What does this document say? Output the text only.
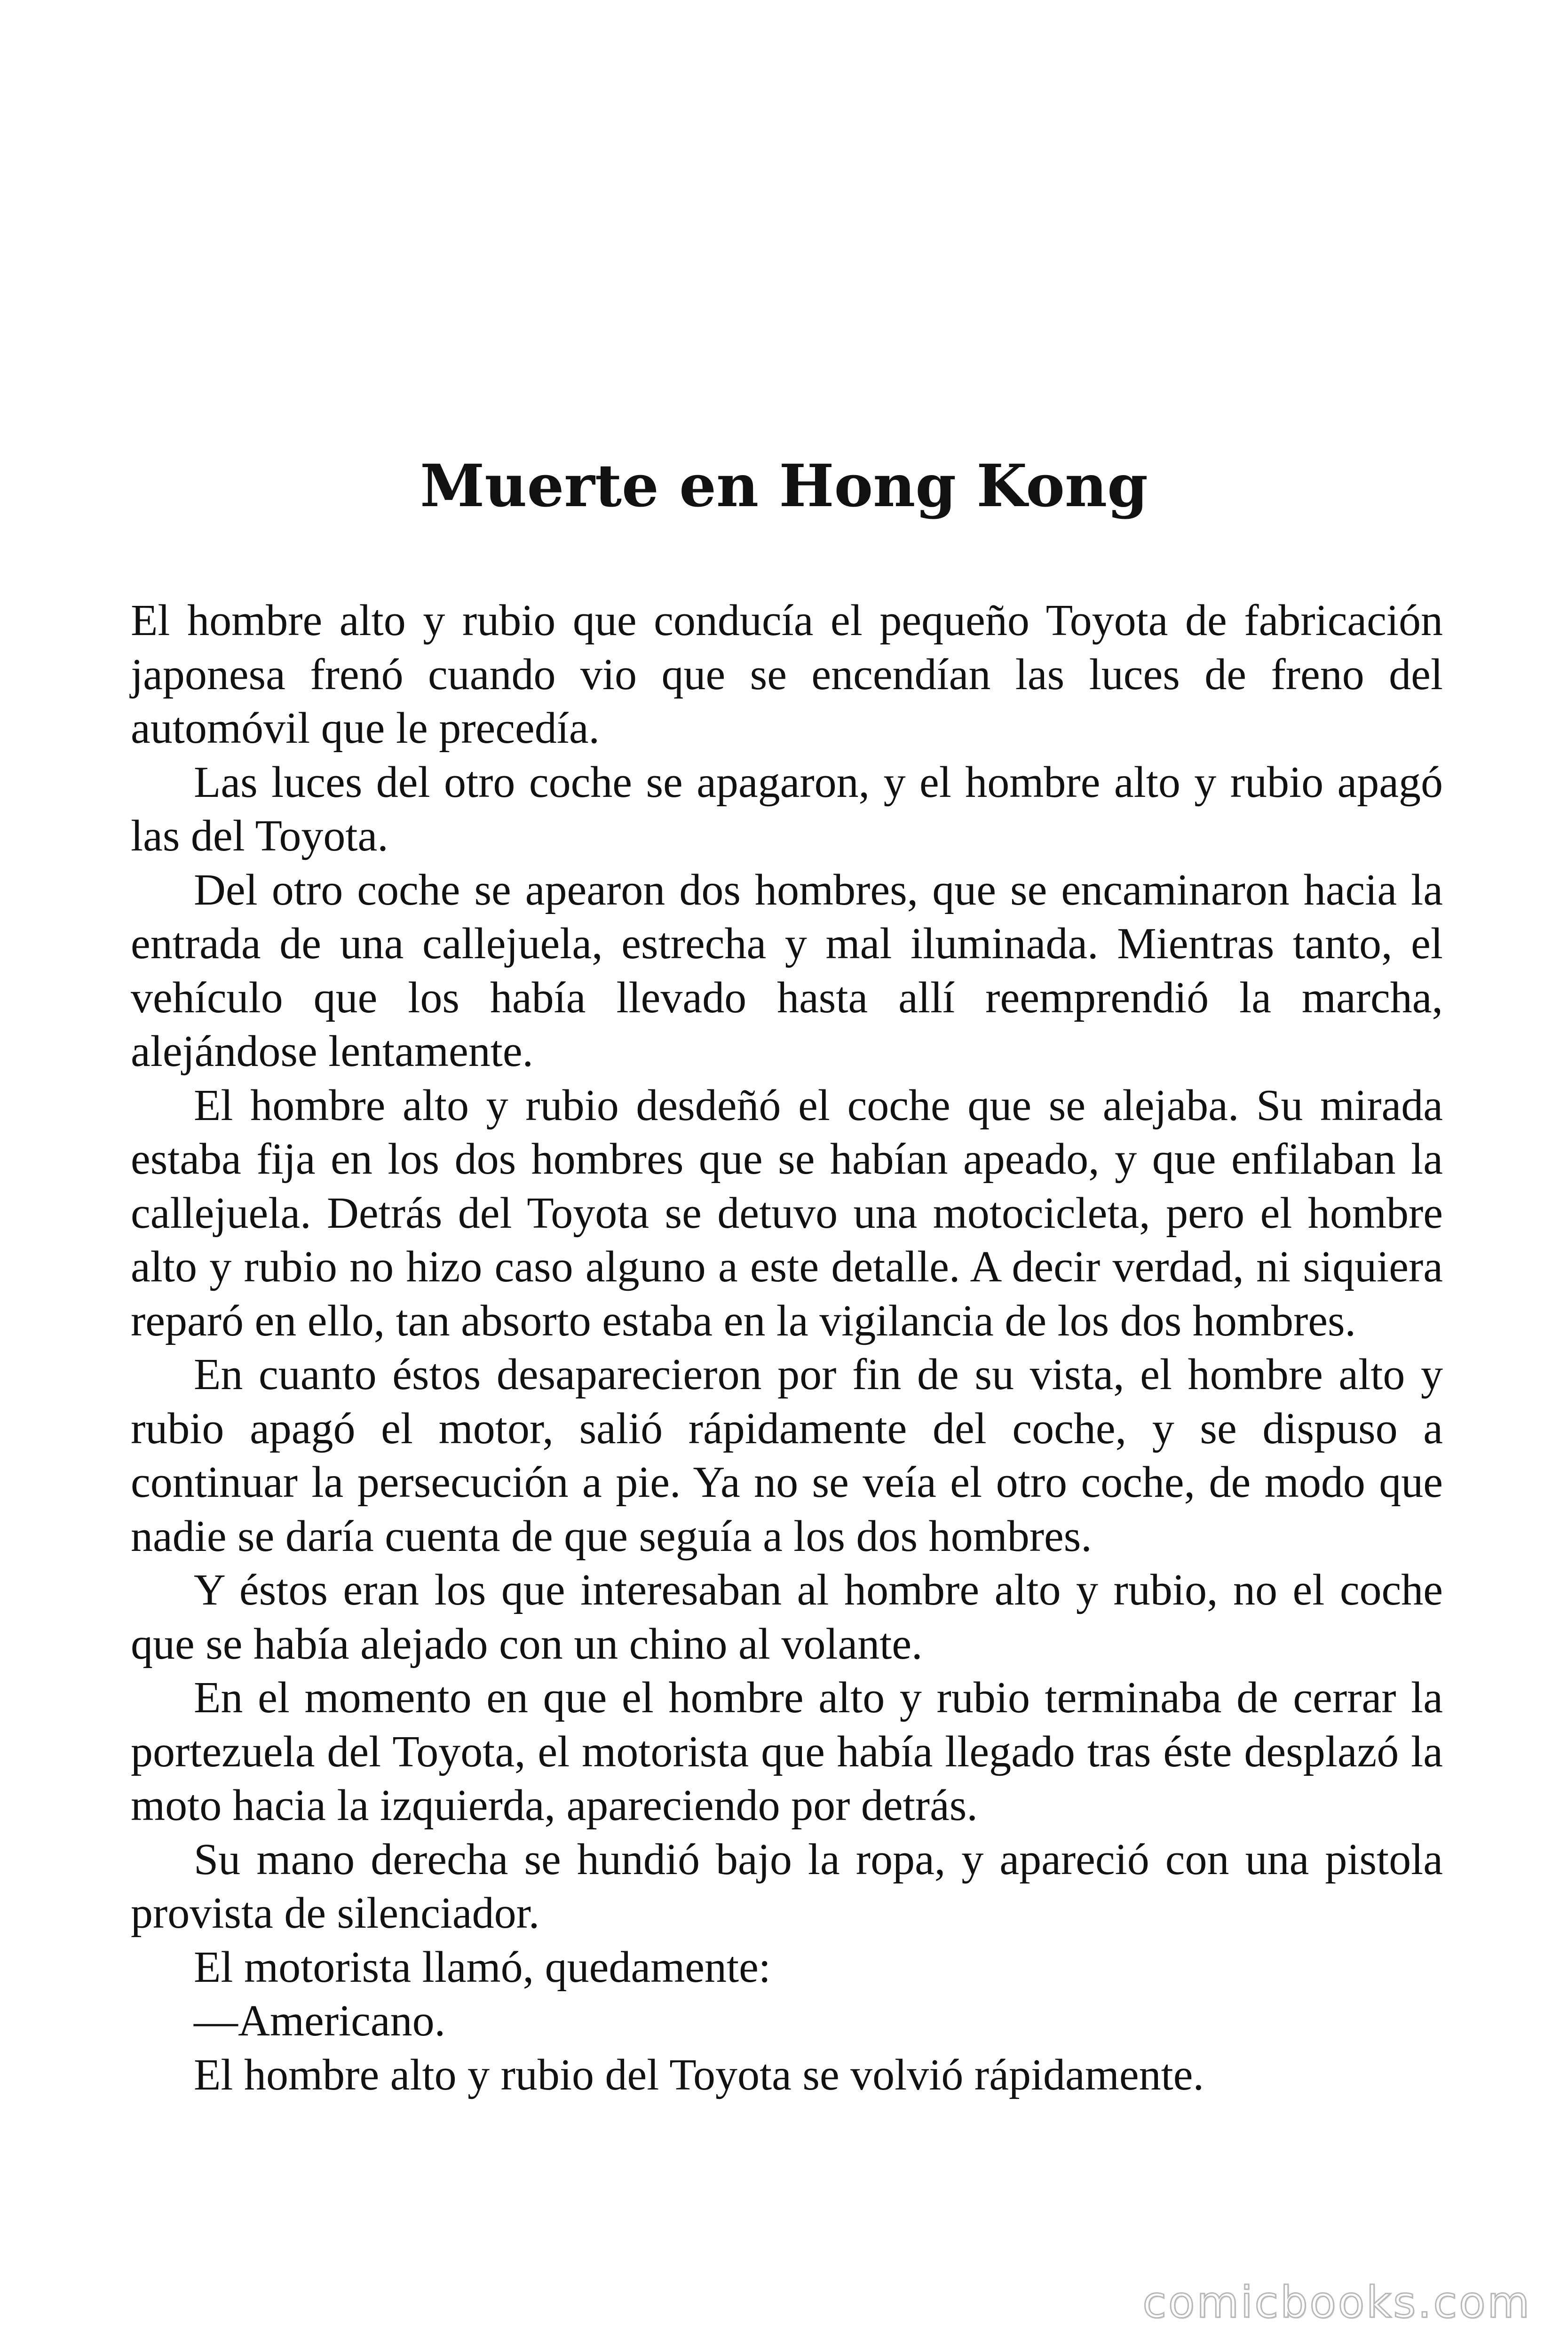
Muerte en Hong Kong

El hombre alto y rubio que conducía el pequeño Toyota de fabricación japonesa frenó cuando vio que se encendían las luces de freno del automóvil que le precedía.

Las luces del otro coche se apagaron, y el hombre alto y rubio apagó las del Toyota.

Del otro coche se apearon dos hombres, que se encaminaron hacia la entrada de una callejuela, estrecha y mal iluminada. Mientras tanto, el vehículo que los había llevado hasta allí reemprendió la marcha, alejándose lentamente.

El hombre alto y rubio desdeñó el coche que se alejaba. Su mirada estaba fija en los dos hombres que se habían apeado, y que enfilaban la callejuela. Detrás del Toyota se detuvo una motocicleta, pero el hombre alto y rubio no hizo caso alguno a este detalle. A decir verdad, ni siquiera reparó en ello, tan absorto estaba en la vigilancia de los dos hombres.

En cuanto éstos desaparecieron por fin de su vista, el hombre alto y rubio apagó el motor, salió rápidamente del coche, y se dispuso a continuar la persecución a pie. Ya no se veía el otro coche, de modo que nadie se daría cuenta de que seguía a los dos hombres.

Y éstos eran los que interesaban al hombre alto y rubio, no el coche que se había alejado con un chino al volante.

En el momento en que el hombre alto y rubio terminaba de cerrar la portezuela del Toyota, el motorista que había llegado tras éste desplazó la moto hacia la izquierda, apareciendo por detrás.

Su mano derecha se hundió bajo la ropa, y apareció con una pistola provista de silenciador.

El motorista llamó, quedamente:

—Americano.

El hombre alto y rubio del Toyota se volvió rápidamente.

comicbooks.com
